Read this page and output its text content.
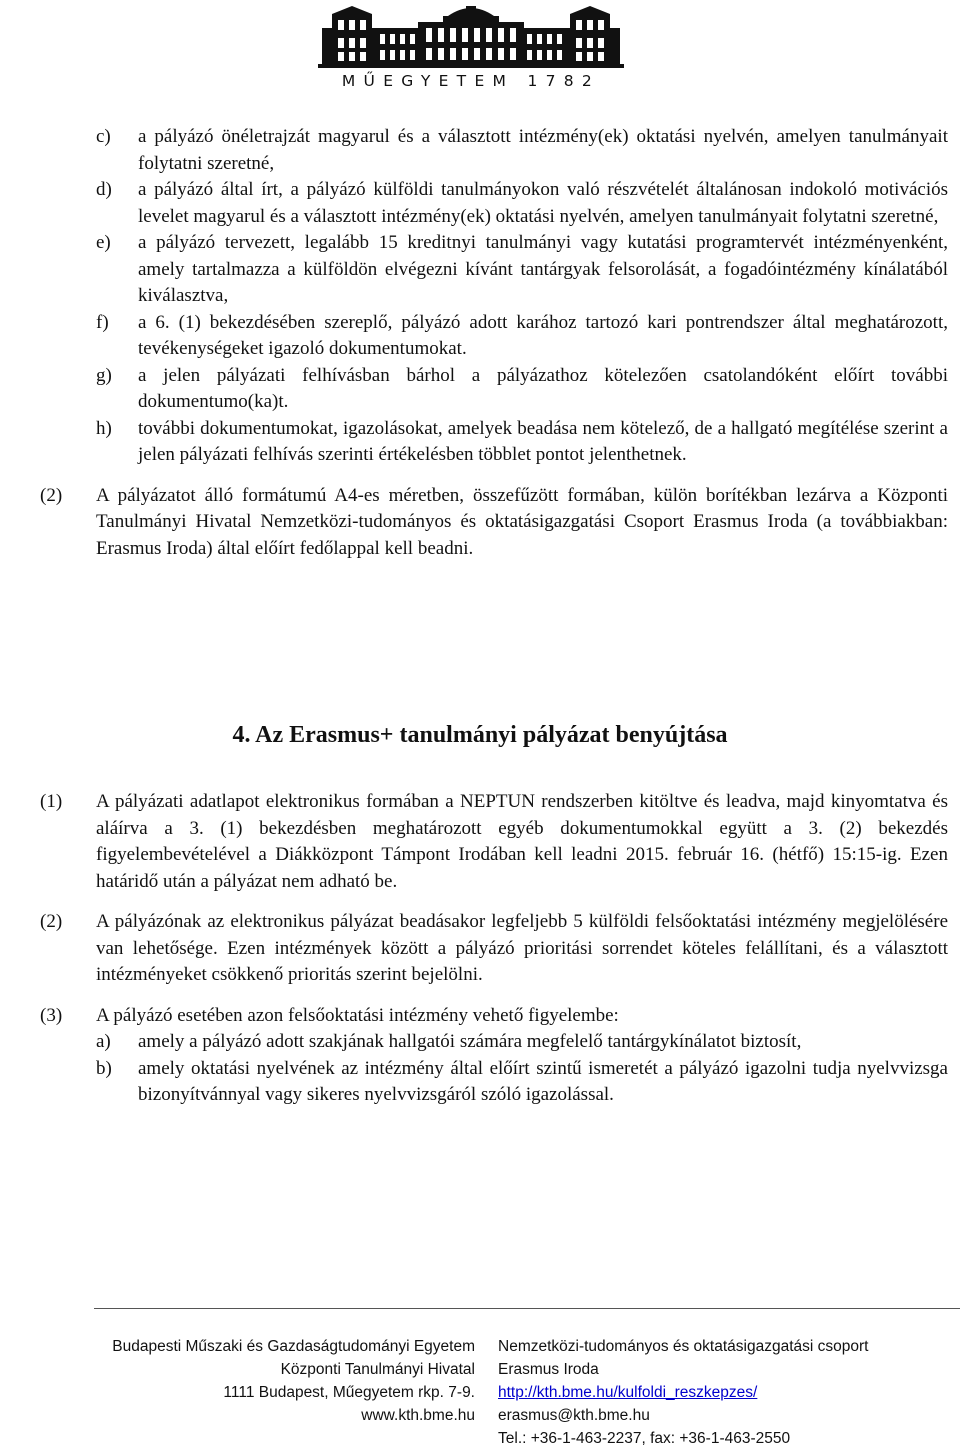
MŰEGYETEM 1782
c) a pályázó önéletrajzát magyarul és a választott intézmény(ek) oktatási nyelvén, amelyen tanulmányait folytatni szeretné,
d) a pályázó által írt, a pályázó külföldi tanulmányokon való részvételét általánosan indokoló motivációs levelet magyarul és a választott intézmény(ek) oktatási nyelvén, amelyen tanulmányait folytatni szeretné,
e) a pályázó tervezett, legalább 15 kreditnyi tanulmányi vagy kutatási programtervét intézményenként, amely tartalmazza a külföldön elvégezni kívánt tantárgyak felsorolását, a fogadóintézmény kínálatából kiválasztva,
f) a 6. (1) bekezdésében szereplő, pályázó adott karához tartozó kari pontrendszer által meghatározott, tevékenységeket igazoló dokumentumokat.
g) a jelen pályázati felhívásban bárhol a pályázathoz kötelezően csatolandóként előírt további dokumentumo(ka)t.
h) további dokumentumokat, igazolásokat, amelyek beadása nem kötelező, de a hallgató megítélése szerint a jelen pályázati felhívás szerinti értékelésben többlet pontot jelenthetnek.
(2) A pályázatot álló formátumú A4-es méretben, összefűzött formában, külön borítékban lezárva a Központi Tanulmányi Hivatal Nemzetközi-tudományos és oktatásigazgatási Csoport Erasmus Iroda (a továbbiakban: Erasmus Iroda) által előírt fedőlappal kell beadni.
4. Az Erasmus+ tanulmányi pályázat benyújtása
(1) A pályázati adatlapot elektronikus formában a NEPTUN rendszerben kitöltve és leadva, majd kinyomtatva és aláírva a 3. (1) bekezdésben meghatározott egyéb dokumentumokkal együtt a 3. (2) bekezdés figyelembevételével a Diákközpont Támpont Irodában kell leadni 2015. február 16. (hétfő) 15:15-ig. Ezen határidő után a pályázat nem adható be.
(2) A pályázónak az elektronikus pályázat beadásakor legfeljebb 5 külföldi felsőoktatási intézmény megjelölésére van lehetősége. Ezen intézmények között a pályázó prioritási sorrendet köteles felállítani, és a választott intézményeket csökkenő prioritás szerint bejelölni.
(3) A pályázó esetében azon felsőoktatási intézmény vehető figyelembe:
a) amely a pályázó adott szakjának hallgatói számára megfelelő tantárgykínálatot biztosít,
b) amely oktatási nyelvének az intézmény által előírt szintű ismeretét a pályázó igazolni tudja nyelvvizsga bizonyítvánnyal vagy sikeres nyelvvizsgáról szóló igazolással.
Budapesti Műszaki és Gazdaságtudományi Egyetem
Központi Tanulmányi Hivatal
1111 Budapest, Műegyetem rkp. 7-9.
www.kth.bme.hu
Nemzetközi-tudományos és oktatásigazgatási csoport
Erasmus Iroda
http://kth.bme.hu/kulfoldi_reszkepzes/
erasmus@kth.bme.hu
Tel.: +36-1-463-2237, fax: +36-1-463-2550
